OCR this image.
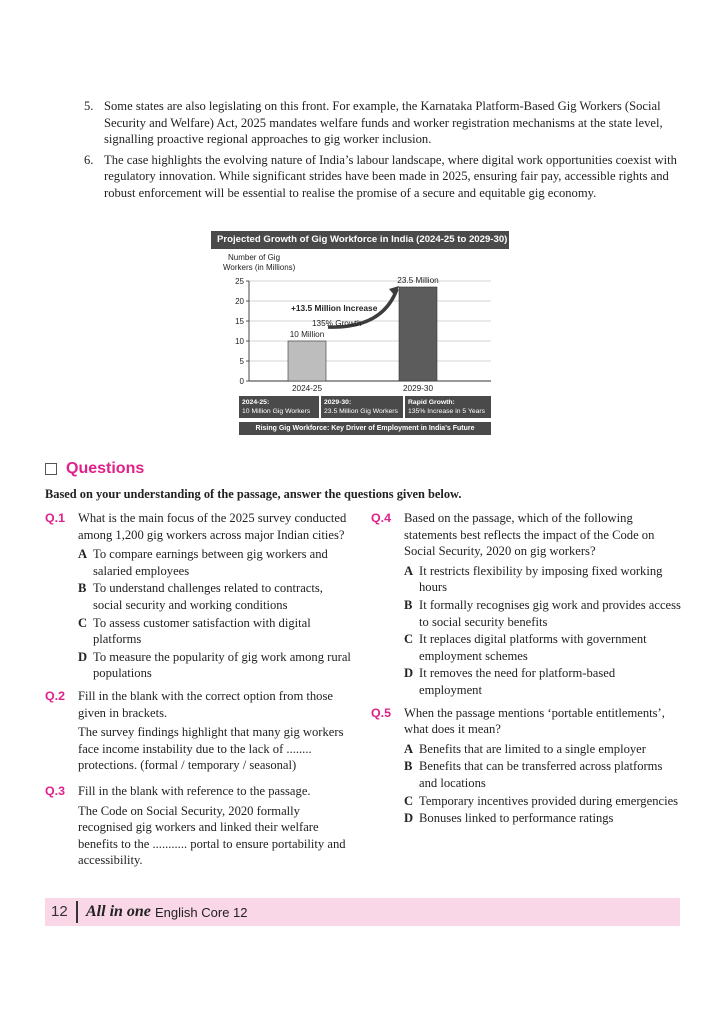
5. Some states are also legislating on this front. For example, the Karnataka Platform-Based Gig Workers (Social Security and Welfare) Act, 2025 mandates welfare funds and worker registration mechanisms at the state level, signalling proactive regional approaches to gig worker inclusion.
6. The case highlights the evolving nature of India’s labour landscape, where digital work opportunities coexist with regulatory innovation. While significant strides have been made in 2025, ensuring fair pay, accessible rights and robust enforcement will be essential to realise the promise of a secure and equitable gig economy.
Projected Growth of Gig Workforce in India (2024-25 to 2029-30)
Number of Gig
Workers (in Millions)
0
5
10
15
20
25
10 Million
2024-25
23.5 Million
2029-30
+13.5 Million Increase
135% Growth
2024-25:
10 Million Gig Workers
2029-30:
23.5 Million Gig Workers
Rapid Growth:
135% Increase in 5 Years
Rising Gig Workforce: Key Driver of Employment in India's Future
Questions
Based on your understanding of the passage, answer the questions given below.
Q.1	What is the main focus of the 2025 survey conducted among 1,200 gig workers across major Indian cities?

A To compare earnings between gig workers and salaried employees
B To understand challenges related to contracts, social security and working conditions
C To assess customer satisfaction with digital platforms
D To measure the popularity of gig work among rural populations
Q.2	Fill in the blank with the correct option from those given in brackets.

The survey findings highlight that many gig workers face income instability due to the lack of ........ protections. (formal / temporary / seasonal)

Q.3	Fill in the blank with reference to the passage.

The Code on Social Security, 2020 formally recognised gig workers and linked their welfare benefits to the ........... portal to ensure portability and accessibility.

Q.4	Based on the passage, which of the following statements best reflects the impact of the Code on Social Security, 2020 on gig workers?

A It restricts flexibility by imposing fixed working hours
B It formally recognises gig work and provides access to social security benefits
C It replaces digital platforms with government employment schemes
D It removes the need for platform-based employment
Q.5	When the passage mentions ‘portable entitlements’, what does it mean?

A Benefits that are limited to a single employer
B Benefits that can be transferred across platforms and locations
C Temporary incentives provided during emergencies
D Bonuses linked to performance ratings
12 All in one English Core 12
